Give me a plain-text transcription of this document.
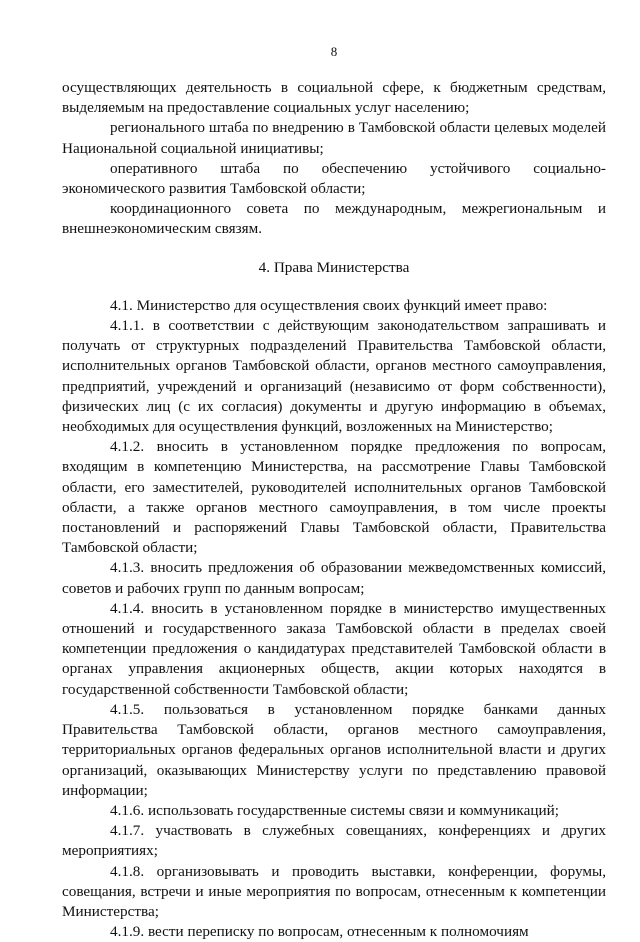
8

осуществляющих деятельность в социальной сфере, к бюджетным средствам, выделяемым на предоставление социальных услуг населению;

регионального штаба по внедрению в Тамбовской области целевых моделей Национальной социальной инициативы;

оперативного штаба по обеспечению устойчивого социально-экономического развития Тамбовской области;

координационного совета по международным, межрегиональным и внешнеэкономическим связям.

4. Права Министерства

4.1. Министерство для осуществления своих функций имеет право:

4.1.1. в соответствии с действующим законодательством запрашивать и получать от структурных подразделений Правительства Тамбовской области, исполнительных органов Тамбовской области, органов местного самоуправления, предприятий, учреждений и организаций (независимо от форм собственности), физических лиц (с их согласия) документы и другую информацию в объемах, необходимых для осуществления функций, возложенных на Министерство;

4.1.2. вносить в установленном порядке предложения по вопросам, входящим в компетенцию Министерства, на рассмотрение Главы Тамбовской области, его заместителей, руководителей исполнительных органов Тамбовской области, а также органов местного самоуправления, в том числе проекты постановлений и распоряжений Главы Тамбовской области, Правительства Тамбовской области;

4.1.3. вносить предложения об образовании межведомственных комиссий, советов и рабочих групп по данным вопросам;

4.1.4. вносить в установленном порядке в министерство имущественных отношений и государственного заказа Тамбовской области в пределах своей компетенции предложения о кандидатурах представителей Тамбовской области в органах управления акционерных обществ, акции которых находятся в государственной собственности Тамбовской области;

4.1.5. пользоваться в установленном порядке банками данных Правительства Тамбовской области, органов местного самоуправления, территориальных органов федеральных органов исполнительной власти и других организаций, оказывающих Министерству услуги по представлению правовой информации;

4.1.6. использовать государственные системы связи и коммуникаций;

4.1.7. участвовать в служебных совещаниях, конференциях и других мероприятиях;

4.1.8. организовывать и проводить выставки, конференции, форумы, совещания, встречи и иные мероприятия по вопросам, отнесенным к компетенции Министерства;

4.1.9. вести переписку по вопросам, отнесенным к полномочиям
